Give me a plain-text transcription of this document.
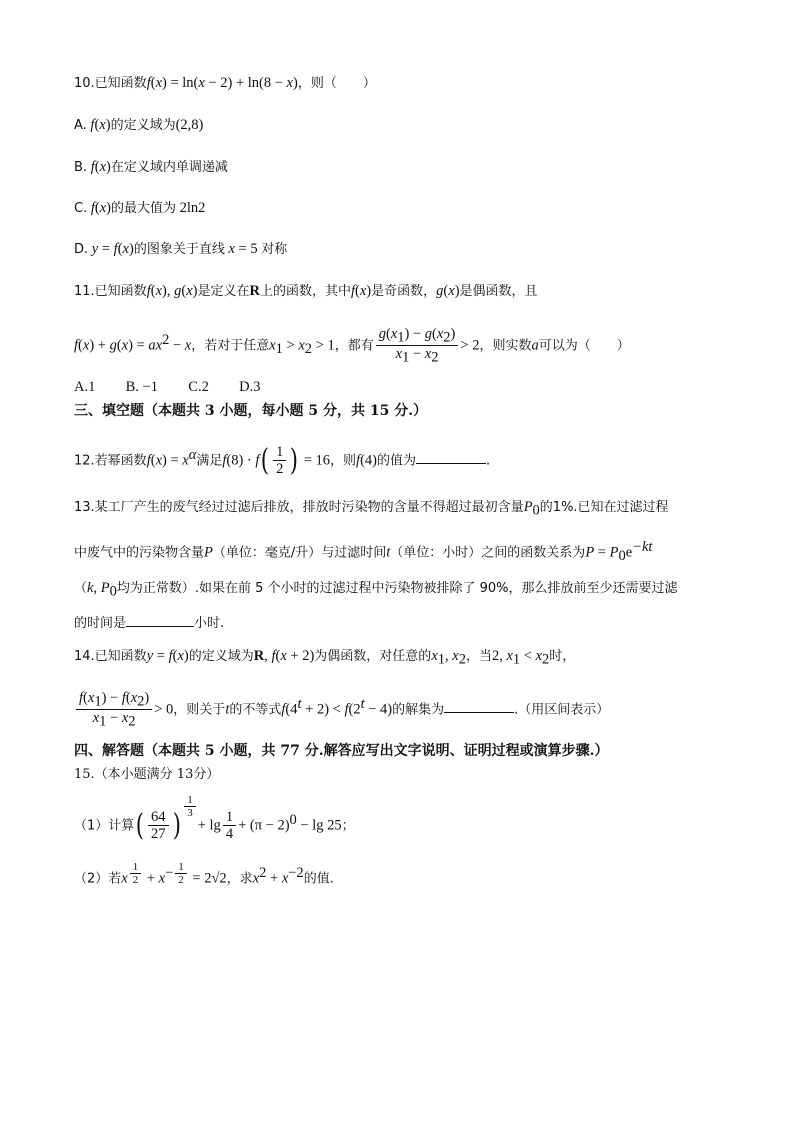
10.已知函数f(x) = ln(x − 2) + ln(8 − x)，则（　　）
A. f(x)的定义域为(2,8)
B. f(x)在定义域内单调递减
C. f(x)的最大值为 2ln2
D. y = f(x)的图象关于直线 x = 5 对称
11.已知函数f(x), g(x)是定义在R上的函数，其中f(x)是奇函数，g(x)是偶函数，且
$f(x) + g(x) = ax^2 - x$，若对于任意$x_1 > x_2 > 1$，都有 $\frac{g(x_1) - g(x_2)}{x_1 - x_2} > 2$，则实数a可以为（　　）
A.1 B. −1 C.2 D.3
三、填空题（本题共 3 小题，每小题 5 分，共 15 分.）
12.若幂函数$f(x) = x^\alpha$满足$f(8) \cdot f( \frac{1}{2}$ ) = 16，则f(4)的值为	.
13.某工厂产生的废气经过过滤后排放，排放时污染物的含量不得超过最初含量$P_0$的1%.已知在过滤过程
中废气中的污染物含量P（单位：毫克/升）与过滤时间t（单位：小时）之间的函数关系为$P = P_0e^{-kt}$
（k, $P_0$均为正常数）.如果在前 5 个小时的过滤过程中污染物被排除了 90%，那么排放前至少还需要过滤
的时间是	小时.
14.已知函数y = f(x)的定义域为R, f(x + 2)为偶函数，对任意的$x_1$, $x_2$，当2, $x_1 < x_2$时，
$\frac{f(x_1) - f(x_2)}{x_1 - x_2} > 0$，则关于t的不等式$f(4^t + 2) < f(2^t - 4)$的解集为	.（用区间表示）
四、解答题（本题共 5 小题，共 77 分.解答应写出文字说明、证明过程或演算步骤.）
15.（本小题满分 13分）
（1）计算( $\frac{64}{27}$ )
$^{\frac{1}{3}}$
+ $\lg \frac{1}{4} + (\pi - 2)^0 - \lg 25$；
（2）若x $^{\frac{1}{2}} + x^{- \frac{1}{2}} = 2√2$，求$x^2 + x^{-2}$的值.
